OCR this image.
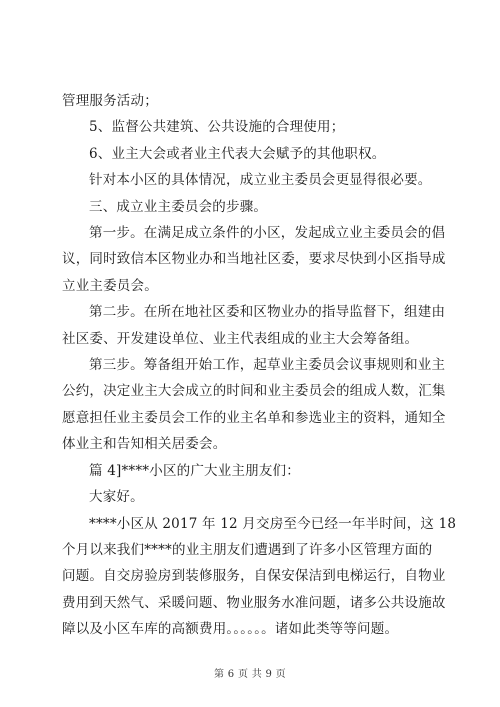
管理服务活动；
5、监督公共建筑、公共设施的合理使用；
6、业主大会或者业主代表大会赋予的其他职权。
针对本小区的具体情况，成立业主委员会更显得很必要。
三、成立业主委员会的步骤。
第一步。在满足成立条件的小区，发起成立业主委员会的倡
议，同时致信本区物业办和当地社区委，要求尽快到小区指导成
立业主委员会。
第二步。在所在地社区委和区物业办的指导监督下，组建由
社区委、开发建设单位、业主代表组成的业主大会筹备组。
第三步。筹备组开始工作，起草业主委员会议事规则和业主
公约，决定业主大会成立的时间和业主委员会的组成人数，汇集
愿意担任业主委员会工作的业主名单和参选业主的资料，通知全
体业主和告知相关居委会。
篇 4]****小区的广大业主朋友们：
大家好。
****小区从 2017 年 12 月交房至今已经一年半时间，这 18
个月以来我们****的业主朋友们遭遇到了许多小区管理方面的
问题。自交房验房到装修服务，自保安保洁到电梯运行，自物业
费用到天然气、采暖问题、物业服务水准问题，诸多公共设施故
障以及小区车库的高额费用。。。。。。诸如此类等等问题。
第 6 页 共 9 页
